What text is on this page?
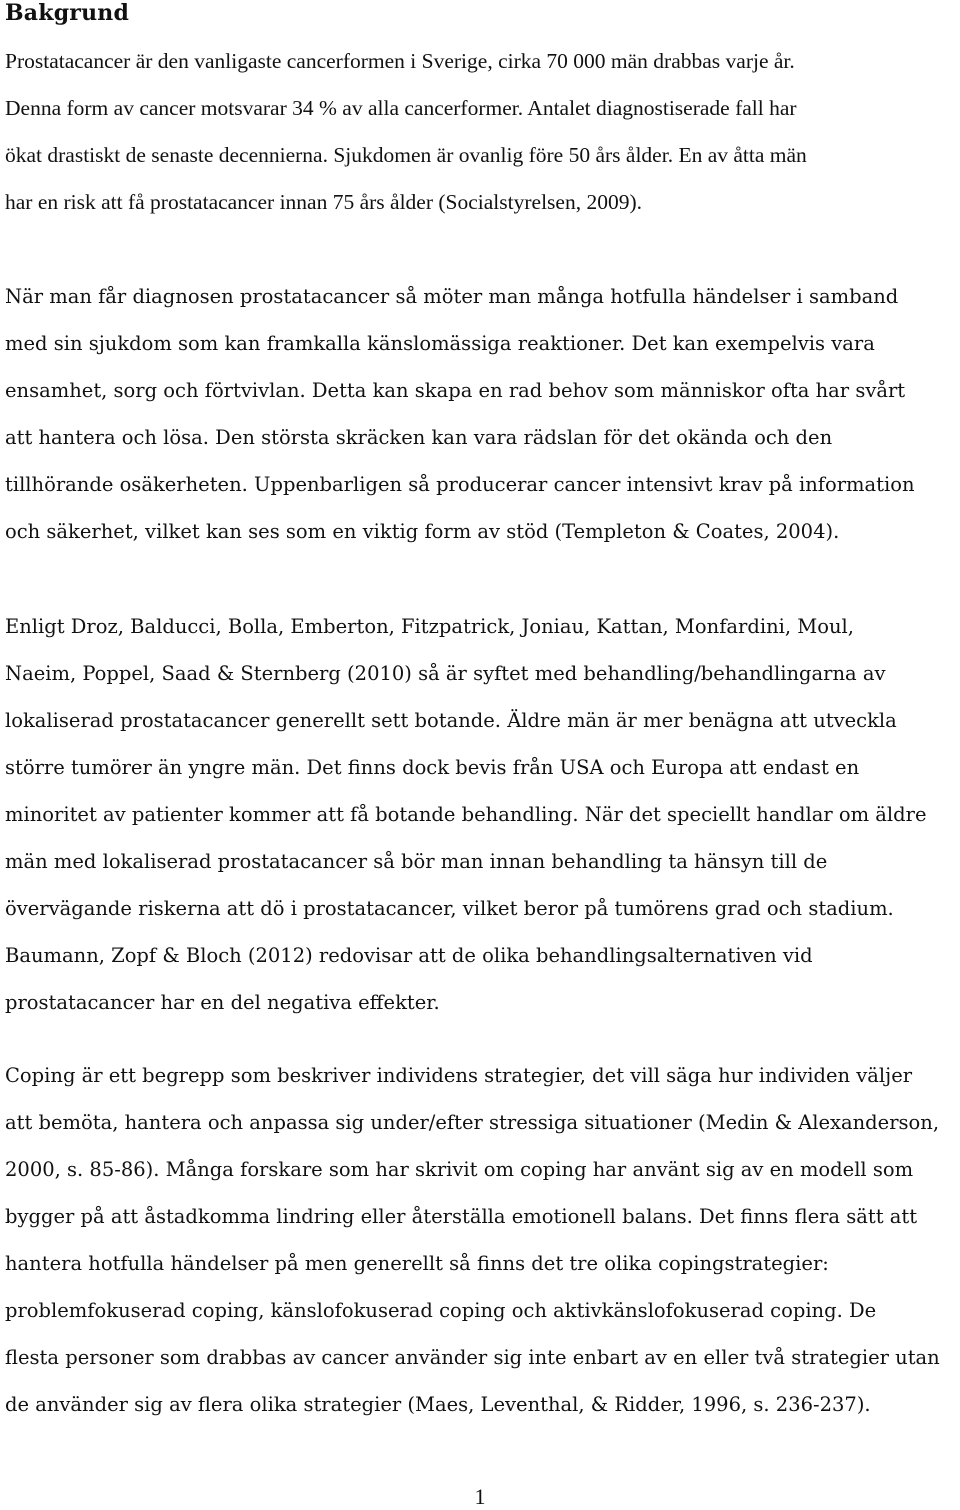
Bakgrund

Prostatacancer är den vanligaste cancerformen i Sverige, cirka 70 000 män drabbas varje år.
Denna form av cancer motsvarar 34 % av alla cancerformer. Antalet diagnostiserade fall har
ökat drastiskt de senaste decennierna. Sjukdomen är ovanlig före 50 års ålder. En av åtta män
har en risk att få prostatacancer innan 75 års ålder (Socialstyrelsen, 2009).

När man får diagnosen prostatacancer så möter man många hotfulla händelser i samband
med sin sjukdom som kan framkalla känslomässiga reaktioner. Det kan exempelvis vara
ensamhet, sorg och förtvivlan. Detta kan skapa en rad behov som människor ofta har svårt
att hantera och lösa. Den största skräcken kan vara rädslan för det okända och den
tillhörande osäkerheten. Uppenbarligen så producerar cancer intensivt krav på information
och säkerhet, vilket kan ses som en viktig form av stöd (Templeton & Coates, 2004).

Enligt Droz, Balducci, Bolla, Emberton, Fitzpatrick, Joniau, Kattan, Monfardini, Moul,
Naeim, Poppel, Saad & Sternberg (2010) så är syftet med behandling/behandlingarna av
lokaliserad prostatacancer generellt sett botande. Äldre män är mer benägna att utveckla
större tumörer än yngre män. Det finns dock bevis från USA och Europa att endast en
minoritet av patienter kommer att få botande behandling. När det speciellt handlar om äldre
män med lokaliserad prostatacancer så bör man innan behandling ta hänsyn till de
övervägande riskerna att dö i prostatacancer, vilket beror på tumörens grad och stadium.
Baumann, Zopf & Bloch (2012) redovisar att de olika behandlingsalternativen vid
prostatacancer har en del negativa effekter.

Coping är ett begrepp som beskriver individens strategier, det vill säga hur individen väljer
att bemöta, hantera och anpassa sig under/efter stressiga situationer (Medin & Alexanderson,
2000, s. 85-86). Många forskare som har skrivit om coping har använt sig av en modell som
bygger på att åstadkomma lindring eller återställa emotionell balans. Det finns flera sätt att
hantera hotfulla händelser på men generellt så finns det tre olika copingstrategier:
problemfokuserad coping, känslofokuserad coping och aktivkänslofokuserad coping. De
flesta personer som drabbas av cancer använder sig inte enbart av en eller två strategier utan
de använder sig av flera olika strategier (Maes, Leventhal, & Ridder, 1996, s. 236-237).

1
